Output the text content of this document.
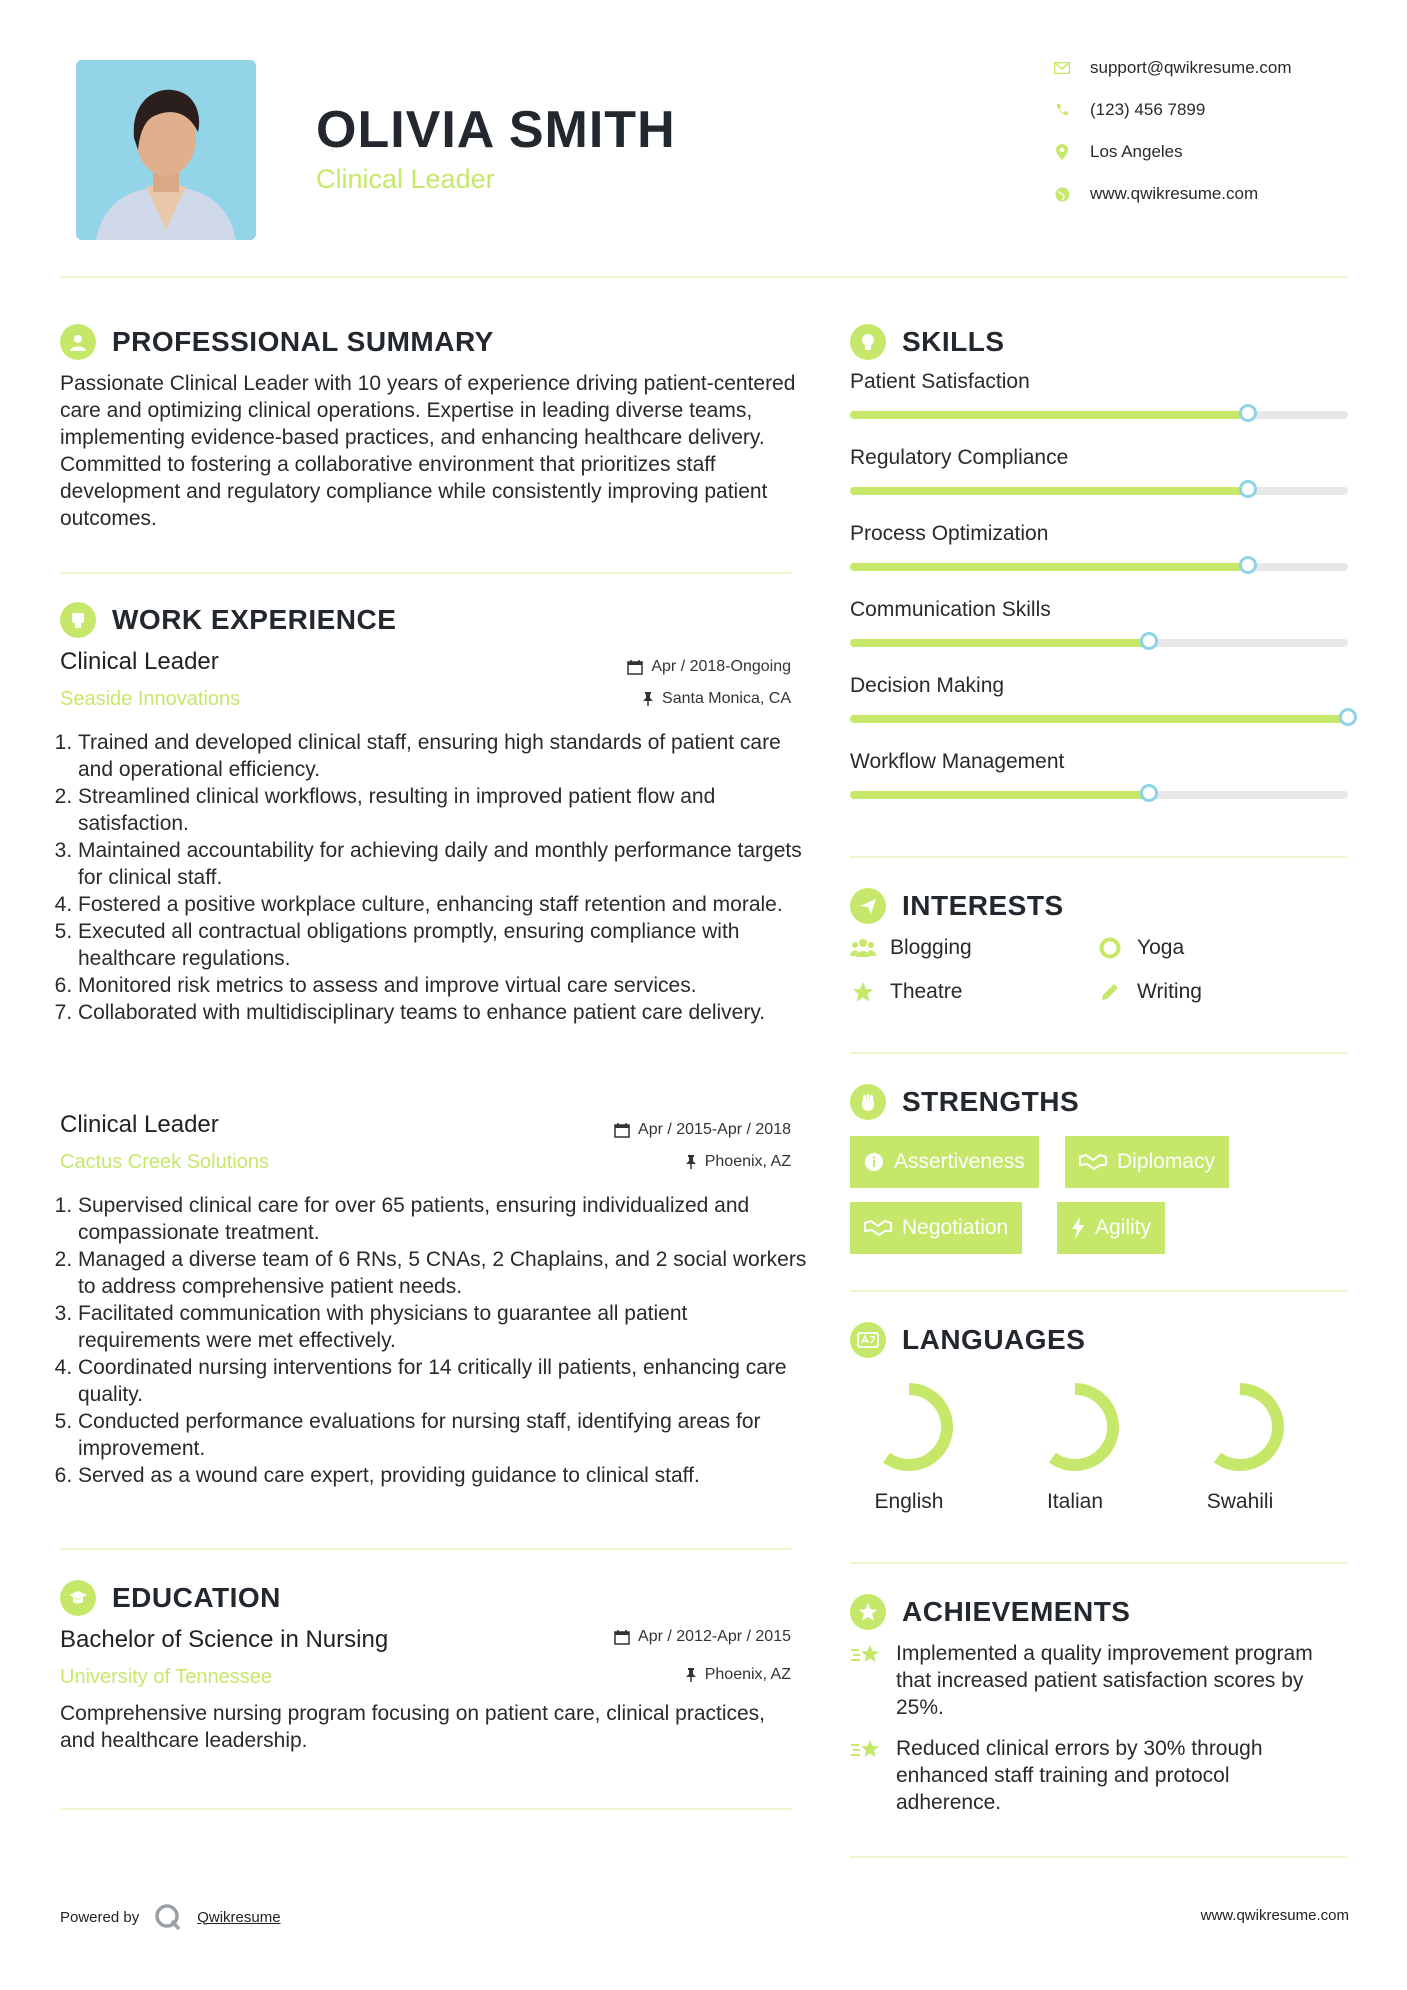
OLIVIA SMITH
Clinical Leader
support@qwikresume.com
(123) 456 7899
Los Angeles
www.qwikresume.com
PROFESSIONAL SUMMARY
Passionate Clinical Leader with 10 years of experience driving patient-centered care and optimizing clinical operations. Expertise in leading diverse teams, implementing evidence-based practices, and enhancing healthcare delivery. Committed to fostering a collaborative environment that prioritizes staff development and regulatory compliance while consistently improving patient outcomes.
WORK EXPERIENCE
Clinical Leader
Seaside Innovations
Apr / 2018-Ongoing
Santa Monica, CA
1. Trained and developed clinical staff, ensuring high standards of patient care and operational efficiency.
2. Streamlined clinical workflows, resulting in improved patient flow and satisfaction.
3. Maintained accountability for achieving daily and monthly performance targets for clinical staff.
4. Fostered a positive workplace culture, enhancing staff retention and morale.
5. Executed all contractual obligations promptly, ensuring compliance with healthcare regulations.
6. Monitored risk metrics to assess and improve virtual care services.
7. Collaborated with multidisciplinary teams to enhance patient care delivery.
Clinical Leader
Cactus Creek Solutions
Apr / 2015-Apr / 2018
Phoenix, AZ
1. Supervised clinical care for over 65 patients, ensuring individualized and compassionate treatment.
2. Managed a diverse team of 6 RNs, 5 CNAs, 2 Chaplains, and 2 social workers to address comprehensive patient needs.
3. Facilitated communication with physicians to guarantee all patient requirements were met effectively.
4. Coordinated nursing interventions for 14 critically ill patients, enhancing care quality.
5. Conducted performance evaluations for nursing staff, identifying areas for improvement.
6. Served as a wound care expert, providing guidance to clinical staff.
EDUCATION
Bachelor of Science in Nursing
University of Tennessee
Apr / 2012-Apr / 2015
Phoenix, AZ
Comprehensive nursing program focusing on patient care, clinical practices, and healthcare leadership.
SKILLS
Patient Satisfaction
Regulatory Compliance
Process Optimization
Communication Skills
Decision Making
Workflow Management
INTERESTS
Blogging	Yoga
Theatre	Writing
STRENGTHS
Assertiveness	Diplomacy
Negotiation	Agility
LANGUAGES
English	Italian	Swahili
ACHIEVEMENTS
Implemented a quality improvement program that increased patient satisfaction scores by 25%.
Reduced clinical errors by 30% through enhanced staff training and protocol adherence.
Powered by	Qwikresume	www.qwikresume.com
